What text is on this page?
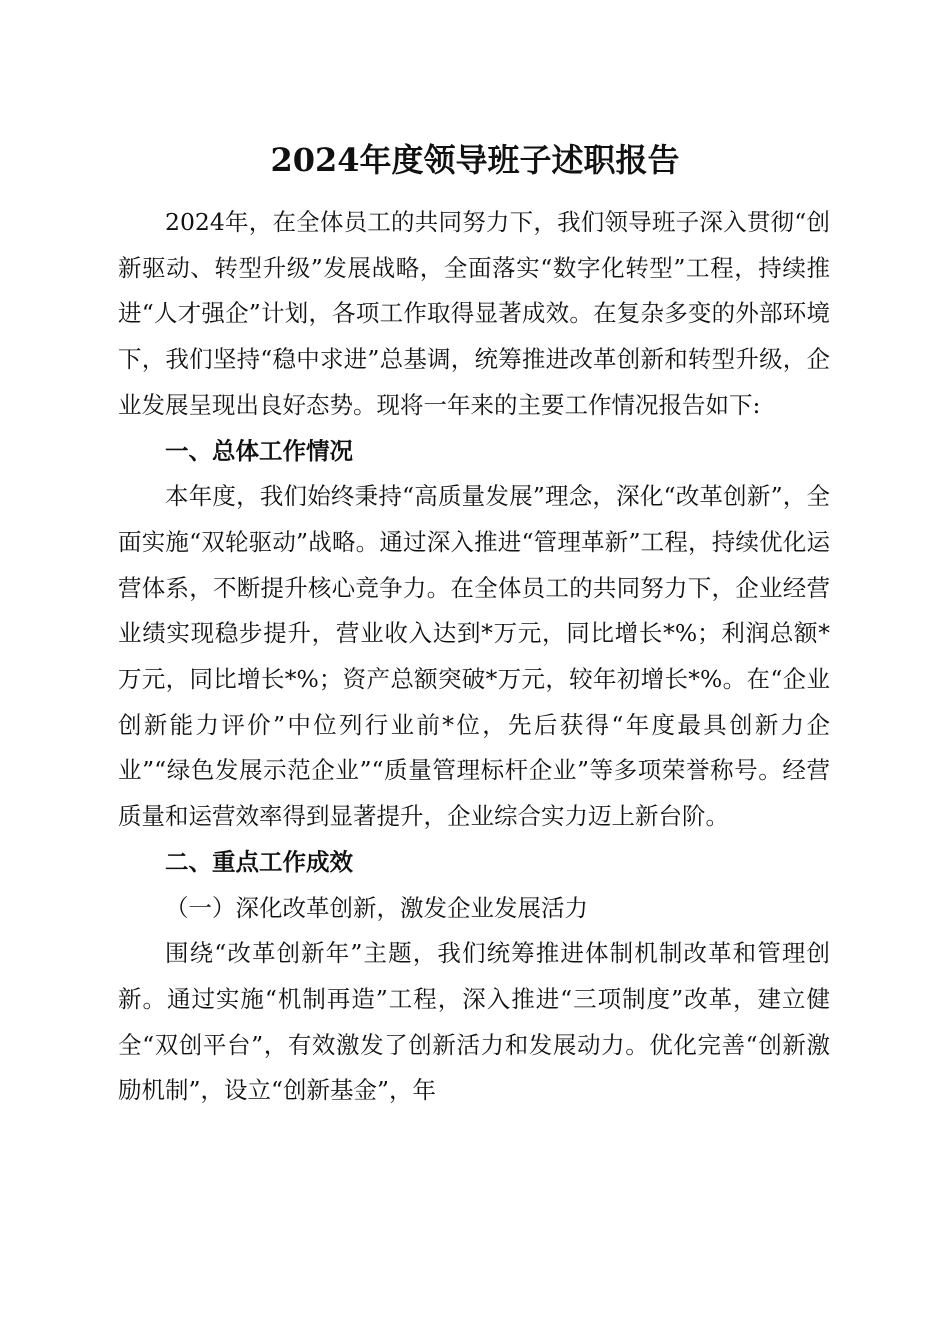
2024年度领导班子述职报告

2024年，在全体员工的共同努力下，我们领导班子深入贯彻“创新驱动、转型升级”发展战略，全面落实“数字化转型”工程，持续推进“人才强企”计划，各项工作取得显著成效。在复杂多变的外部环境下，我们坚持“稳中求进”总基调，统筹推进改革创新和转型升级，企业发展呈现出良好态势。现将一年来的主要工作情况报告如下:

一、总体工作情况

本年度，我们始终秉持“高质量发展”理念，深化“改革创新”，全面实施“双轮驱动”战略。通过深入推进“管理革新”工程，持续优化运营体系，不断提升核心竞争力。在全体员工的共同努力下，企业经营业绩实现稳步提升，营业收入达到*万元，同比增长*%；利润总额*万元，同比增长*%；资产总额突破*万元，较年初增长*%。在“企业创新能力评价”中位列行业前*位，先后获得“年度最具创新力企业”“绿色发展示范企业”“质量管理标杆企业”等多项荣誉称号。经营质量和运营效率得到显著提升，企业综合实力迈上新台阶。

二、重点工作成效
（一）深化改革创新，激发企业发展活力

围绕“改革创新年”主题，我们统筹推进体制机制改革和管理创新。通过实施“机制再造”工程，深入推进“三项制度”改革，建立健全“双创平台”，有效激发了创新活力和发展动力。优化完善“创新激励机制”，设立“创新基金”，年
